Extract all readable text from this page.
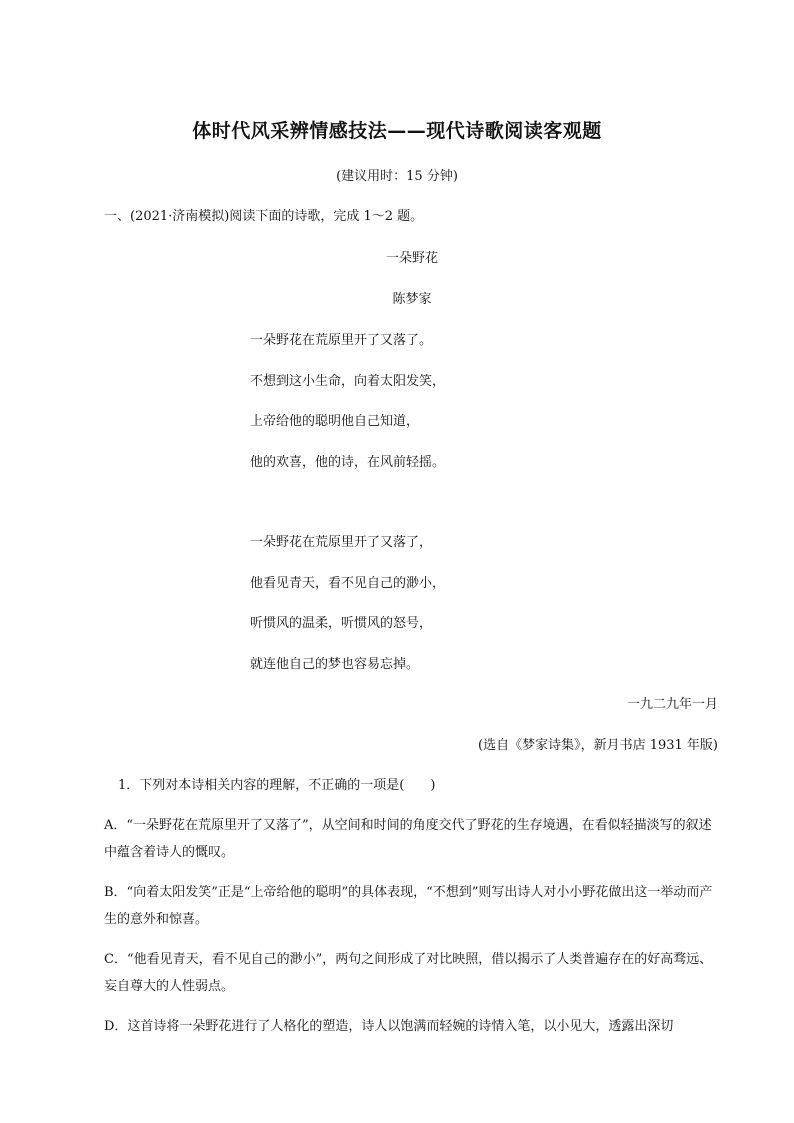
体时代风采辨情感技法——现代诗歌阅读客观题
(建议用时：15 分钟)
一、(2021·济南模拟)阅读下面的诗歌，完成 1～2 题。
一朵野花
陈梦家
一朵野花在荒原里开了又落了。
不想到这小生命，向着太阳发笑，
上帝给他的聪明他自己知道，
他的欢喜，他的诗，在风前轻摇。
一朵野花在荒原里开了又落了，
他看见青天，看不见自己的渺小，
听惯风的温柔，听惯风的怒号，
就连他自己的梦也容易忘掉。
一九二九年一月
(选自《梦家诗集》，新月书店 1931 年版)
1．下列对本诗相关内容的理解，不正确的一项是(　　)
A．“一朵野花在荒原里开了又落了”，从空间和时间的角度交代了野花的生存境遇，在看似轻描淡写的叙述中蕴含着诗人的慨叹。
B．“向着太阳发笑”正是“上帝给他的聪明”的具体表现，“不想到”则写出诗人对小小野花做出这一举动而产生的意外和惊喜。
C．“他看见青天，看不见自己的渺小”，两句之间形成了对比映照，借以揭示了人类普遍存在的好高骛远、妄自尊大的人性弱点。
D．这首诗将一朵野花进行了人格化的塑造，诗人以饱满而轻婉的诗情入笔，以小见大，透露出深切
